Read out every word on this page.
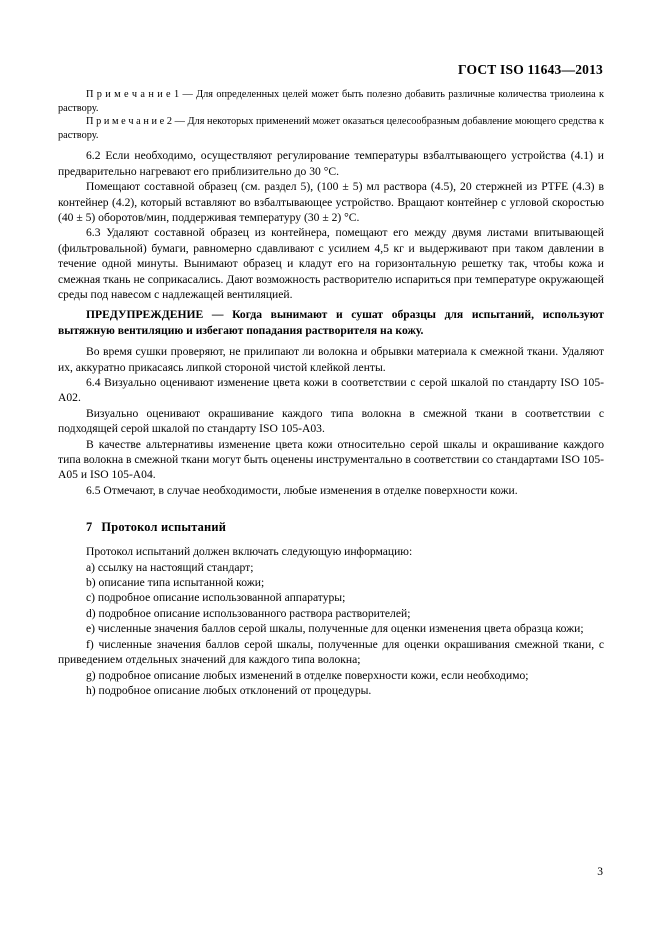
ГОСТ ISO 11643—2013

П р и м е ч а н и е 1 — Для определенных целей может быть полезно добавить различные количества триолеина к раствору.

П р и м е ч а н и е 2 — Для некоторых применений может оказаться целесообразным добавление моющего средства к раствору.

6.2 Если необходимо, осуществляют регулирование температуры взбалтывающего устройства (4.1) и предварительно нагревают его приблизительно до 30 °С.

Помещают составной образец (см. раздел 5), (100 ± 5) мл раствора (4.5), 20 стержней из PTFE (4.3) в контейнер (4.2), который вставляют во взбалтывающее устройство. Вращают контейнер с угловой скоростью (40 ± 5) оборотов/мин, поддерживая температуру (30 ± 2) °С.

6.3 Удаляют составной образец из контейнера, помещают его между двумя листами впитывающей (фильтровальной) бумаги, равномерно сдавливают с усилием 4,5 кг и выдерживают при таком давлении в течение одной минуты. Вынимают образец и кладут его на горизонтальную решетку так, чтобы кожа и смежная ткань не соприкасались. Дают возможность растворителю испариться при температуре окружающей среды под навесом с надлежащей вентиляцией.

ПРЕДУПРЕЖДЕНИЕ — Когда вынимают и сушат образцы для испытаний, используют вытяжную вентиляцию и избегают попадания растворителя на кожу.

Во время сушки проверяют, не прилипают ли волокна и обрывки материала к смежной ткани. Удаляют их, аккуратно прикасаясь липкой стороной чистой клейкой ленты.

6.4 Визуально оценивают изменение цвета кожи в соответствии с серой шкалой по стандарту ISO 105-A02.

Визуально оценивают окрашивание каждого типа волокна в смежной ткани в соответствии с подходящей серой шкалой по стандарту ISO 105-A03.

В качестве альтернативы изменение цвета кожи относительно серой шкалы и окрашивание каждого типа волокна в смежной ткани могут быть оценены инструментально в соответствии со стандартами ISO 105-A05 и ISO 105-A04.

6.5 Отмечают, в случае необходимости, любые изменения в отделке поверхности кожи.

7 Протокол испытаний

Протокол испытаний должен включать следующую информацию:

a) ссылку на настоящий стандарт;

b) описание типа испытанной кожи;

c) подробное описание использованной аппаратуры;

d) подробное описание использованного раствора растворителей;

e) численные значения баллов серой шкалы, полученные для оценки изменения цвета образца кожи;

f) численные значения баллов серой шкалы, полученные для оценки окрашивания смежной ткани, с приведением отдельных значений для каждого типа волокна;

g) подробное описание любых изменений в отделке поверхности кожи, если необходимо;

h) подробное описание любых отклонений от процедуры.

3
